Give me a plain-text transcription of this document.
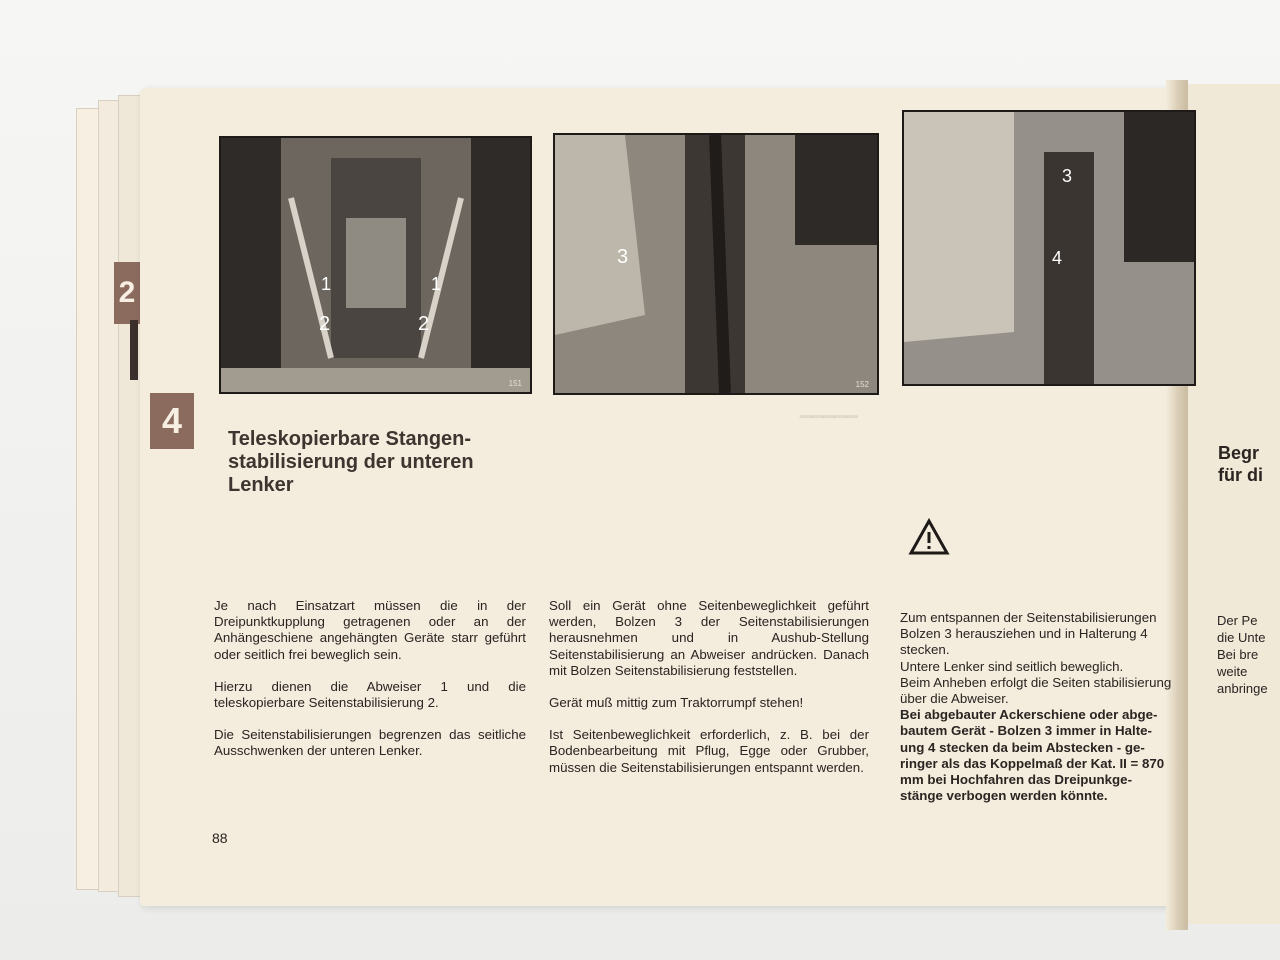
2	1	1
2	2
151
3
152
3
4
▁▁▁▁▁
4	Teleskopierbare Stangen-
stabilisierung der unteren
Lenker

Je nach Einsatzart müssen die in der Dreipunktkupplung getragenen oder an der Anhängeschiene angehängten Geräte starr geführt oder seitlich frei beweglich sein.

Hierzu dienen die Abweiser 1 und die teleskopierbare Seitenstabilisierung 2.

Die Seitenstabilisierungen begrenzen das seitliche Ausschwenken der unteren Lenker.

Soll ein Gerät ohne Seitenbeweglichkeit geführt werden, Bolzen 3 der Seitenstabilisierungen herausnehmen und in Aushub-Stellung Seitenstabilisierung an Abweiser andrücken. Danach mit Bolzen Seitenstabilisierung feststellen.

Gerät muß mittig zum Traktorrumpf stehen!

Ist Seitenbeweglichkeit erforderlich, z. B. bei der Bodenbearbeitung mit Pflug, Egge oder Grubber, müssen die Seitenstabilisierungen entspannt werden.

Zum entspannen der Seitenstabilisierungen
Bolzen 3 herausziehen und in Halterung 4
stecken.
Untere Lenker sind seitlich beweglich.
Beim Anheben erfolgt die Seiten stabilisierung
über die Abweiser.
Bei abgebauter Ackerschiene oder abge-
bautem Gerät - Bolzen 3 immer in Halte-
ung 4 stecken da beim Abstecken - ge-
ringer als das Koppelmaß der Kat. II = 870
mm bei Hochfahren das Dreipunkge-
stänge verbogen werden könnte.
88
Begr
für di
Der Pe
die Unte
Bei bre
weite
anbringe
